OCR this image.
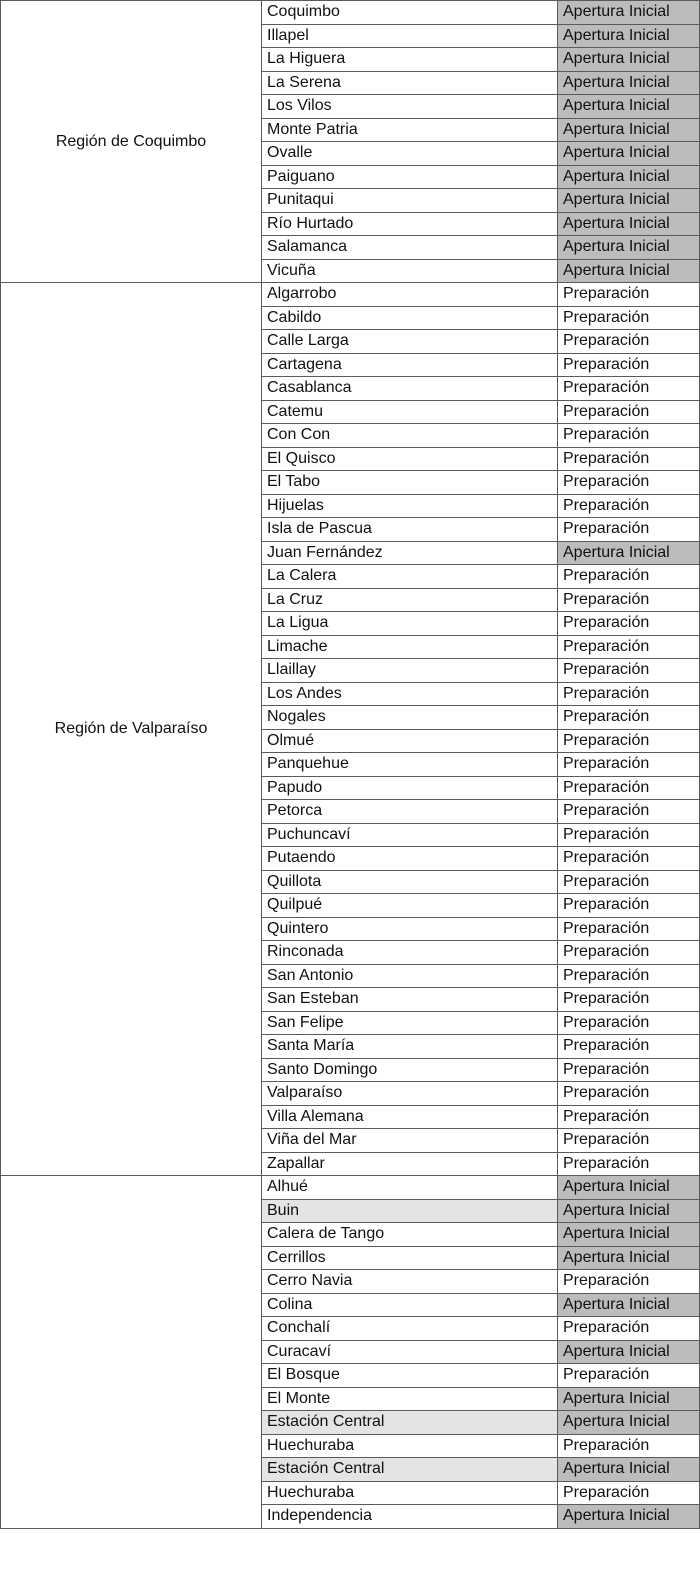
Región de Coquimbo	Coquimbo	Apertura Inicial
	Illapel	Apertura Inicial
	La Higuera	Apertura Inicial
	La Serena	Apertura Inicial
	Los Vilos	Apertura Inicial
	Monte Patria	Apertura Inicial
	Ovalle	Apertura Inicial
	Paiguano	Apertura Inicial
	Punitaqui	Apertura Inicial
	Río Hurtado	Apertura Inicial
	Salamanca	Apertura Inicial
	Vicuña	Apertura Inicial
Región de Valparaíso	Algarrobo	Preparación
	Cabildo	Preparación
	Calle Larga	Preparación
	Cartagena	Preparación
	Casablanca	Preparación
	Catemu	Preparación
	Con Con	Preparación
	El Quisco	Preparación
	El Tabo	Preparación
	Hijuelas	Preparación
	Isla de Pascua	Preparación
	Juan Fernández	Apertura Inicial
	La Calera	Preparación
	La Cruz	Preparación
	La Ligua	Preparación
	Limache	Preparación
	Llaillay	Preparación
	Los Andes	Preparación
	Nogales	Preparación
	Olmué	Preparación
	Panquehue	Preparación
	Papudo	Preparación
	Petorca	Preparación
	Puchuncaví	Preparación
	Putaendo	Preparación
	Quillota	Preparación
	Quilpué	Preparación
	Quintero	Preparación
	Rinconada	Preparación
	San Antonio	Preparación
	San Esteban	Preparación
	San Felipe	Preparación
	Santa María	Preparación
	Santo Domingo	Preparación
	Valparaíso	Preparación
	Villa Alemana	Preparación
	Viña del Mar	Preparación
	Zapallar	Preparación
	Alhué	Apertura Inicial
	Buin	Apertura Inicial
	Calera de Tango	Apertura Inicial
	Cerrillos	Apertura Inicial
	Cerro Navia	Preparación
	Colina	Apertura Inicial
	Conchalí	Preparación
	Curacaví	Apertura Inicial
	El Bosque	Preparación
	El Monte	Apertura Inicial
	Estación Central	Apertura Inicial
	Huechuraba	Preparación
	Estación Central	Apertura Inicial
	Huechuraba	Preparación
	Independencia	Apertura Inicial
